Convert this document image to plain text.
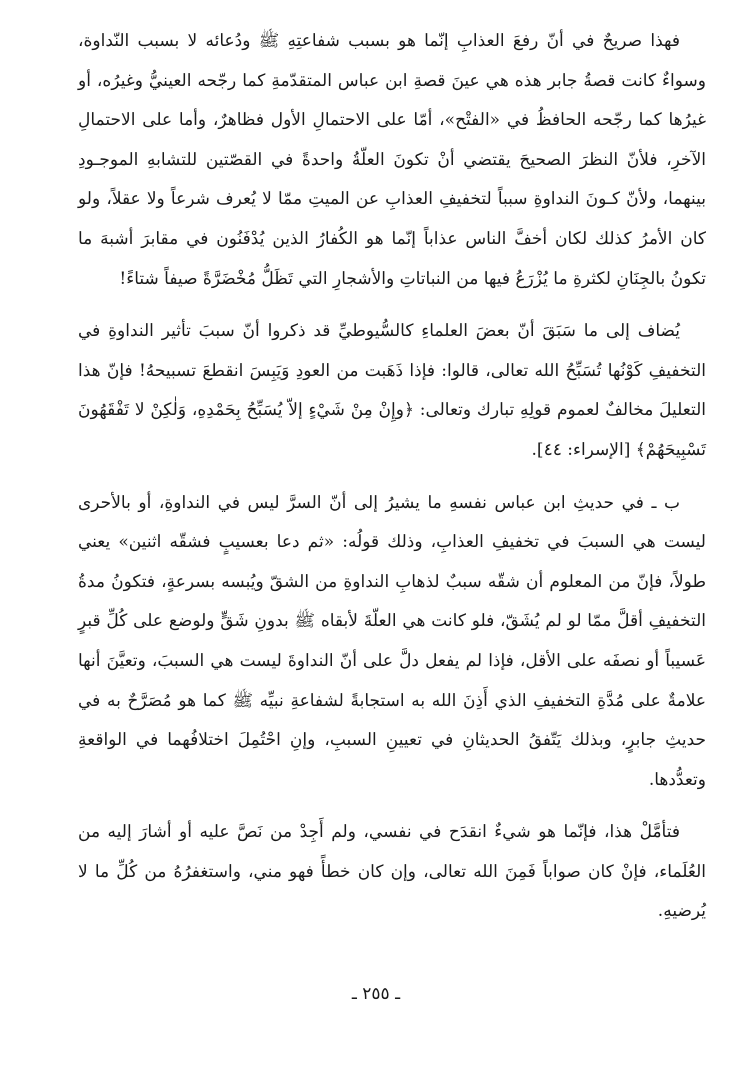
فهذا صريحٌ في أنّ رفعَ العذابِ إنّما هو بسبب شفاعتِهِ ﷺ ودُعائه لا بسبب النّداوة، وسواءٌ كانت قصةُ جابر هذه هي عينَ قصةِ ابن عباس المتقدّمةِ كما رجّحه العينيُّ وغيرُه، أو غيرُها كما رجّحه الحافظُ في «الفتْح»، أمّا على الاحتمالِ الأول فظاهرٌ، وأما على الاحتمالِ الآخرِ، فلأنّ النظرَ الصحيحَ يقتضي أنْ تكونَ العلّةُ واحدةً في القصّتين للتشابهِ الموجـودِ بينهما، ولأنّ كـونَ النداوةِ سبباً لتخفيفِ العذابِ عن الميتِ ممّا لا يُعرف شرعاً ولا عقلاً، ولو كان الأمرُ كذلك لكان أخفَّ الناس عذاباً إنّما هو الكُفارُ الذين يُدْفَنُون في مقابرَ أشبهَ ما تكونُ بالجِنَانِ لكثرةِ ما يُزْرَعُ فيها من النباتاتِ والأشجارِ التي تَظَلُّ مُخْضَرَّةً صيفاً شتاءً!

يُضاف إلى ما سَبَقَ أنّ بعضَ العلماءِ كالسُّيوطيِّ قد ذكروا أنّ سببَ تأثير النداوةِ في التخفيفِ كَوْنُها تُسَبِّحُ الله تعالى، قالوا: فإذا ذَهَبت من العودِ وَيَبِسَ انقطعَ تسبيحهُ! فإنّ هذا التعليلَ مخالفٌ لعموم قولِهِ تبارك وتعالى: ﴿وإِنْ مِنْ شَيْءٍ إلاّ يُسَبِّحُ بِحَمْدِهِ، وَلٰكِنْ لا تَفْقَهُونَ تَسْبِيحَهُمْ﴾ [الإسراء: ٤٤].

ب ـ في حديثِ ابن عباس نفسهِ ما يشيرُ إلى أنّ السرَّ ليس في النداوةِ، أو بالأحرى ليست هي السببَ في تخفيفِ العذابِ، وذلك قولُه: «ثم دعا بعسيبٍ فشقّه اثنين» يعني طولاً، فإنّ من المعلوم أن شقّه سببٌ لذهابِ النداوةِ من الشقّ ويُبسه بسرعةٍ، فتكونُ مدةُ التخفيفِ أقلَّ ممّا لو لم يُشَقّ، فلو كانت هي العلّةَ لأبقاه ﷺ بدونِ شَقٍّ ولوضع على كُلِّ قبرٍ عَسيباً أو نصفَه على الأقل، فإذا لم يفعل دلَّ على أنّ النداوةَ ليست هي السببَ، وتعيَّنَ أنها علامةٌ على مُدَّةِ التخفيفِ الذي أَذِنَ الله به استجابةً لشفاعةِ نبيِّه ﷺ كما هو مُصَرَّحٌ به في حديثِ جابرٍ، وبذلك يَتّفقُ الحديثانِ في تعيينِ السببِ، وإنِ احْتُمِلَ اختلافُهما في الواقعةِ وتعدُّدها.

فتأمَّلْ هذا، فإنّما هو شيءٌ انقدَح في نفسي، ولم أَجِدْ من نَصَّ عليه أو أشارَ إليه من العُلَماء، فإنْ كان صواباً فَمِنَ الله تعالى، وإن كان خطأً فهو مني، واستغفرُهُ من كُلِّ ما لا يُرضيهِ.

ـ ٢٥٥ ـ
